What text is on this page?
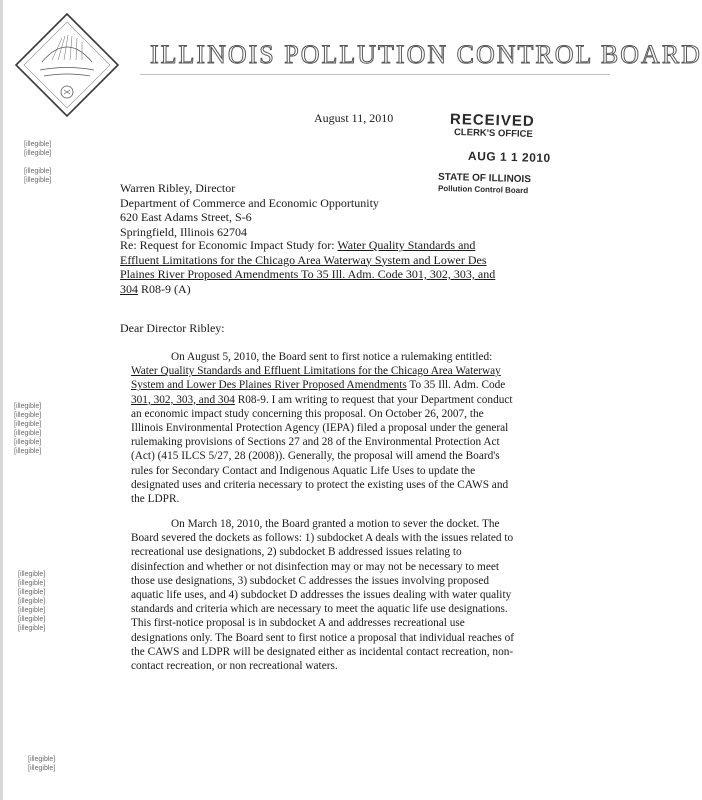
ILLINOIS POLLUTION CONTROL BOARD
[illegible]
[illegible]

[illegible]
[illegible]
[illegible]
[illegible]
[illegible]
[illegible]
[illegible]
[illegible]
[illegible]
[illegible]
[illegible]
[illegible]
[illegible]
[illegible]
[illegible]
[illegible]
[illegible]
August 11, 2010	RECEIVED
CLERK'S OFFICE
AUG 1 1 2010
STATE OF ILLINOIS
Pollution Control Board
Warren Ribley, Director
Department of Commerce and Economic Opportunity
620 East Adams Street, S-6
Springfield, Illinois 62704
Re: Request for Economic Impact Study for: Water Quality Standards and Effluent Limitations for the Chicago Area Waterway System and Lower Des Plaines River Proposed Amendments To 35 Ill. Adm. Code 301, 302, 303, and 304 R08-9 (A)
Dear Director Ribley:

On August 5, 2010, the Board sent to first notice a rulemaking entitled: Water Quality Standards and Effluent Limitations for the Chicago Area Waterway System and Lower Des Plaines River Proposed Amendments To 35 Ill. Adm. Code 301, 302, 303, and 304 R08-9. I am writing to request that your Department conduct an economic impact study concerning this proposal. On October 26, 2007, the Illinois Environmental Protection Agency (IEPA) filed a proposal under the general rulemaking provisions of Sections 27 and 28 of the Environmental Protection Act (Act) (415 ILCS 5/27, 28 (2008)). Generally, the proposal will amend the Board's rules for Secondary Contact and Indigenous Aquatic Life Uses to update the designated uses and criteria necessary to protect the existing uses of the CAWS and the LDPR.

On March 18, 2010, the Board granted a motion to sever the docket. The Board severed the dockets as follows: 1) subdocket A deals with the issues related to recreational use designations, 2) subdocket B addressed issues relating to disinfection and whether or not disinfection may or may not be necessary to meet those use designations, 3) subdocket C addresses the issues involving proposed aquatic life uses, and 4) subdocket D addresses the issues dealing with water quality standards and criteria which are necessary to meet the aquatic life use designations. This first-notice proposal is in subdocket A and addresses recreational use designations only. The Board sent to first notice a proposal that individual reaches of the CAWS and LDPR will be designated either as incidental contact recreation, non-contact recreation, or non recreational waters.
